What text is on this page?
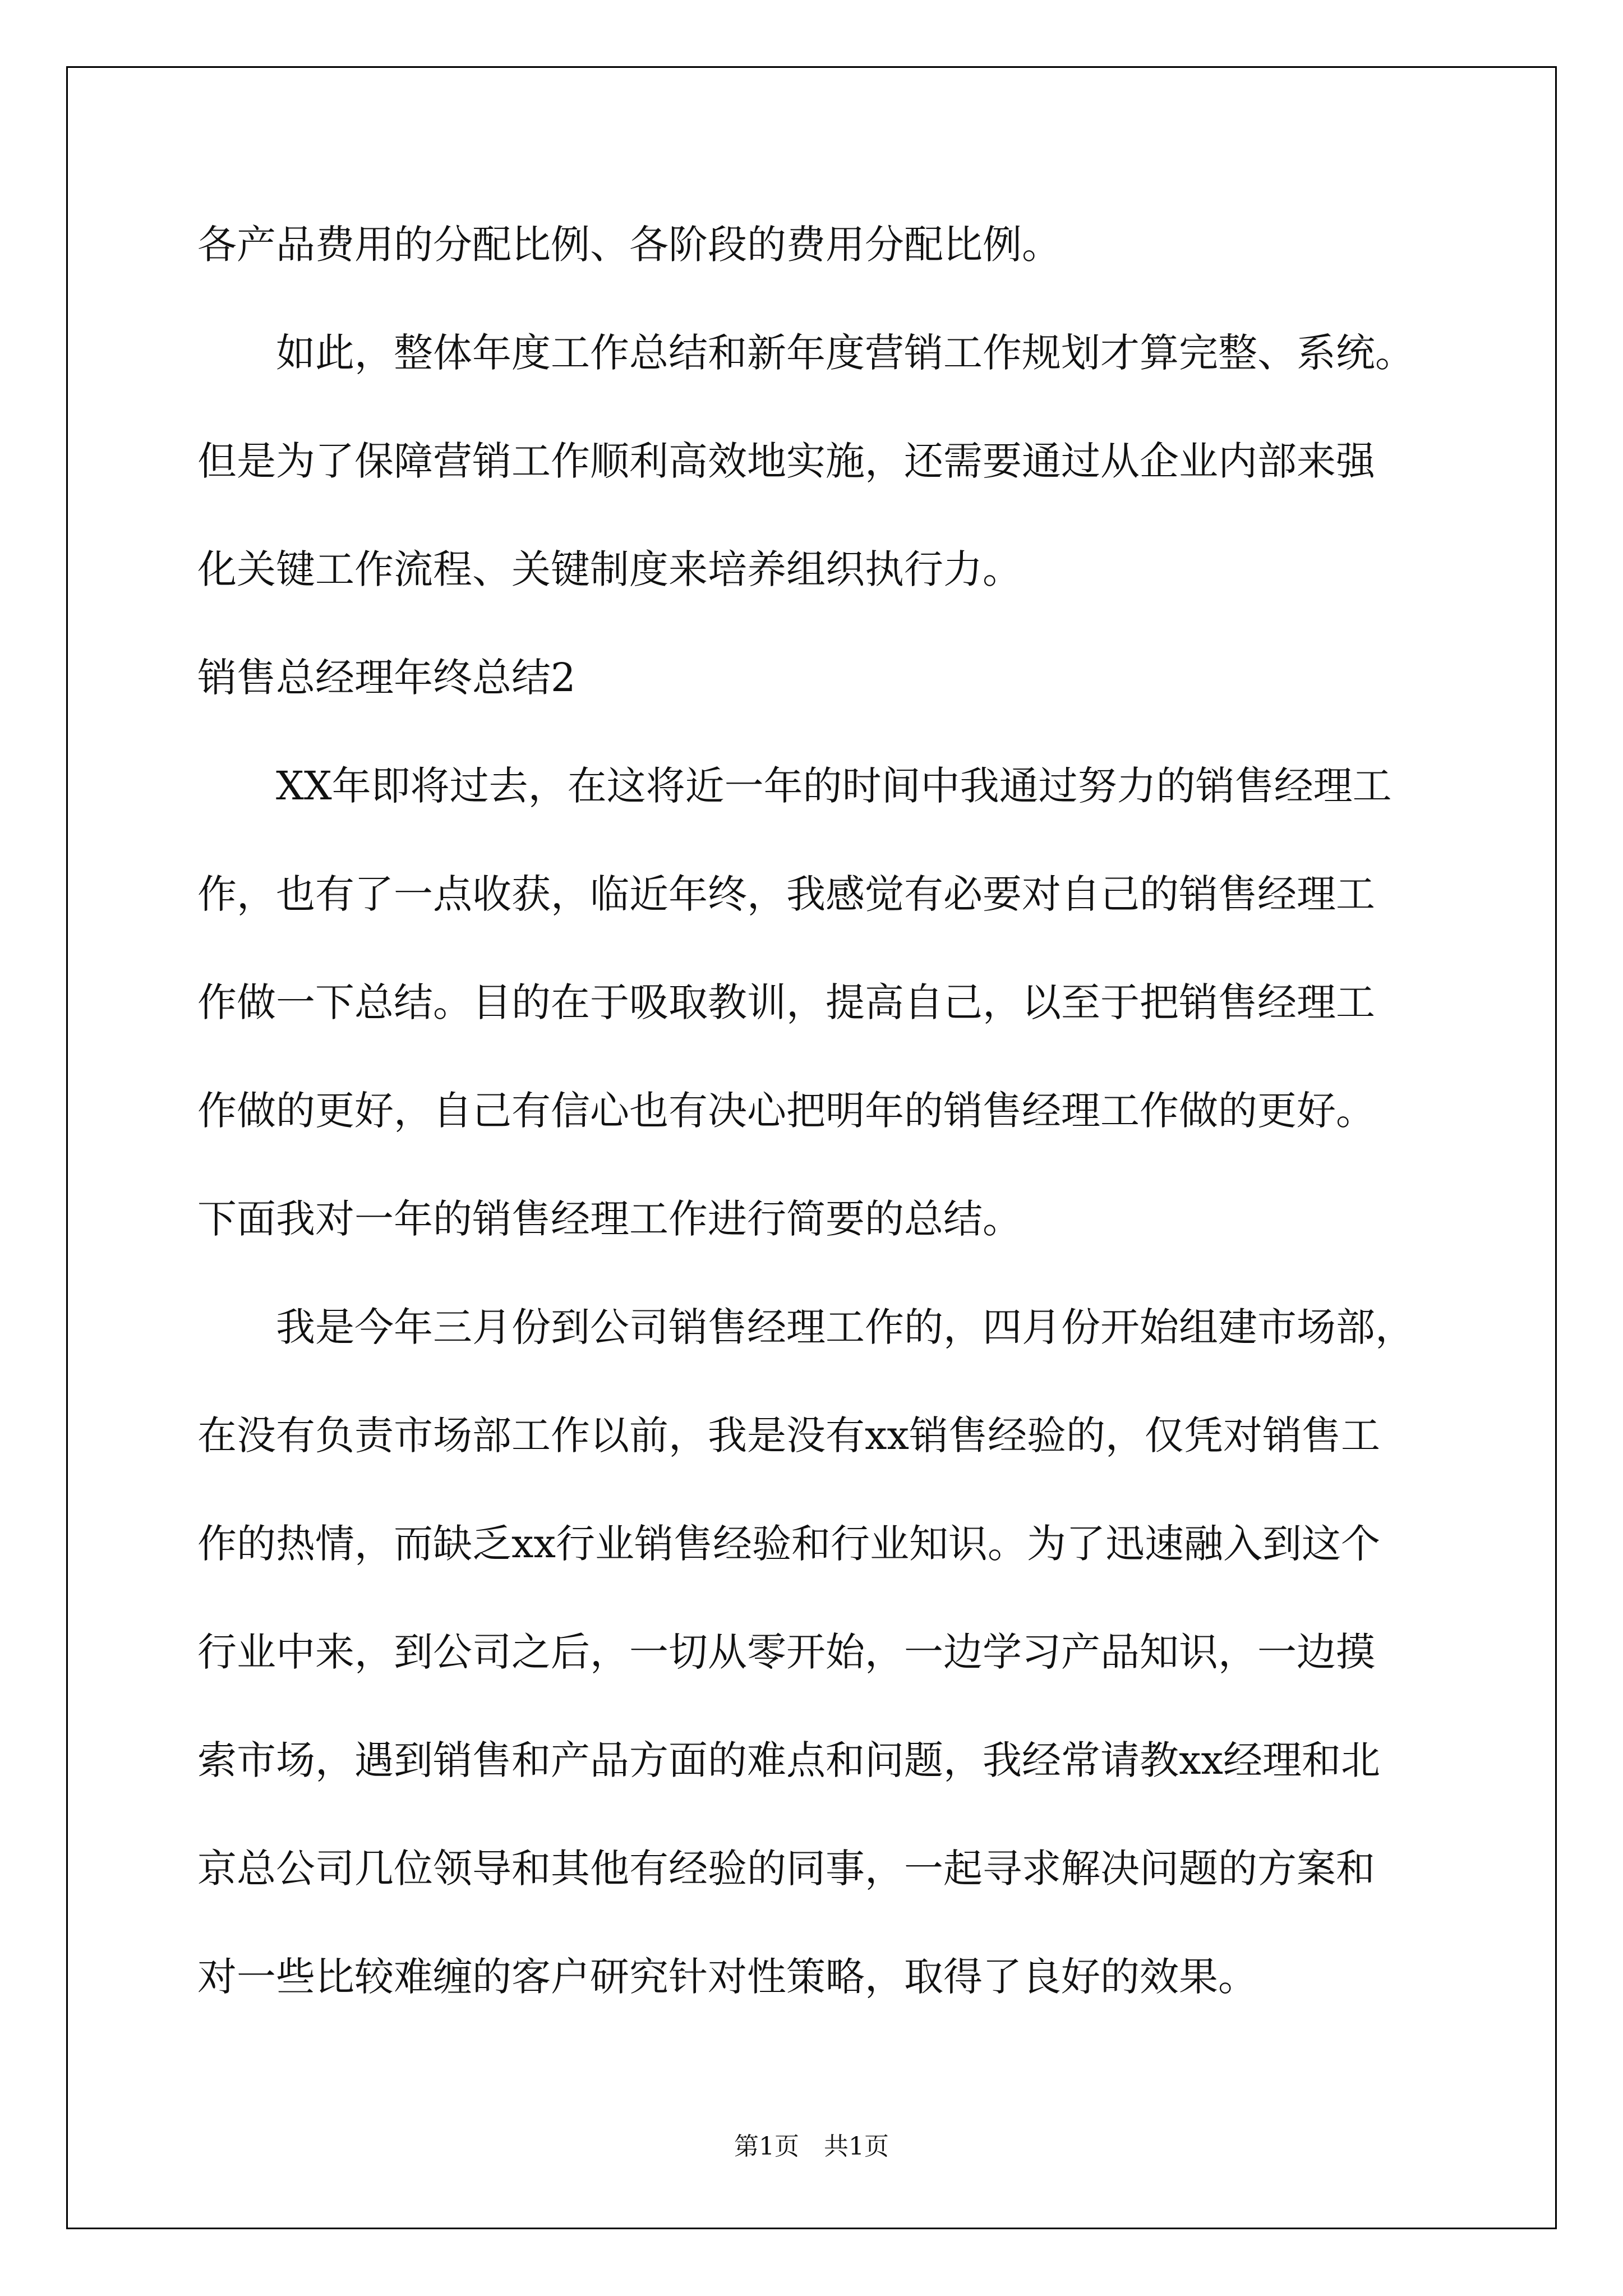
各产品费用的分配比例、各阶段的费用分配比例。
　　如此，整体年度工作总结和新年度营销工作规划才算完整、系统。
但是为了保障营销工作顺利高效地实施，还需要通过从企业内部来强
化关键工作流程、关键制度来培养组织执行力。
销售总经理年终总结2
　　XX年即将过去，在这将近一年的时间中我通过努力的销售经理工
作，也有了一点收获，临近年终，我感觉有必要对自己的销售经理工
作做一下总结。目的在于吸取教训，提高自己，以至于把销售经理工
作做的更好，自己有信心也有决心把明年的销售经理工作做的更好。
下面我对一年的销售经理工作进行简要的总结。
　　我是今年三月份到公司销售经理工作的，四月份开始组建市场部，
在没有负责市场部工作以前，我是没有xx销售经验的，仅凭对销售工
作的热情，而缺乏xx行业销售经验和行业知识。为了迅速融入到这个
行业中来，到公司之后，一切从零开始，一边学习产品知识，一边摸
索市场，遇到销售和产品方面的难点和问题，我经常请教xx经理和北
京总公司几位领导和其他有经验的同事，一起寻求解决问题的方案和
对一些比较难缠的客户研究针对性策略，取得了良好的效果。
第1页　共1页
